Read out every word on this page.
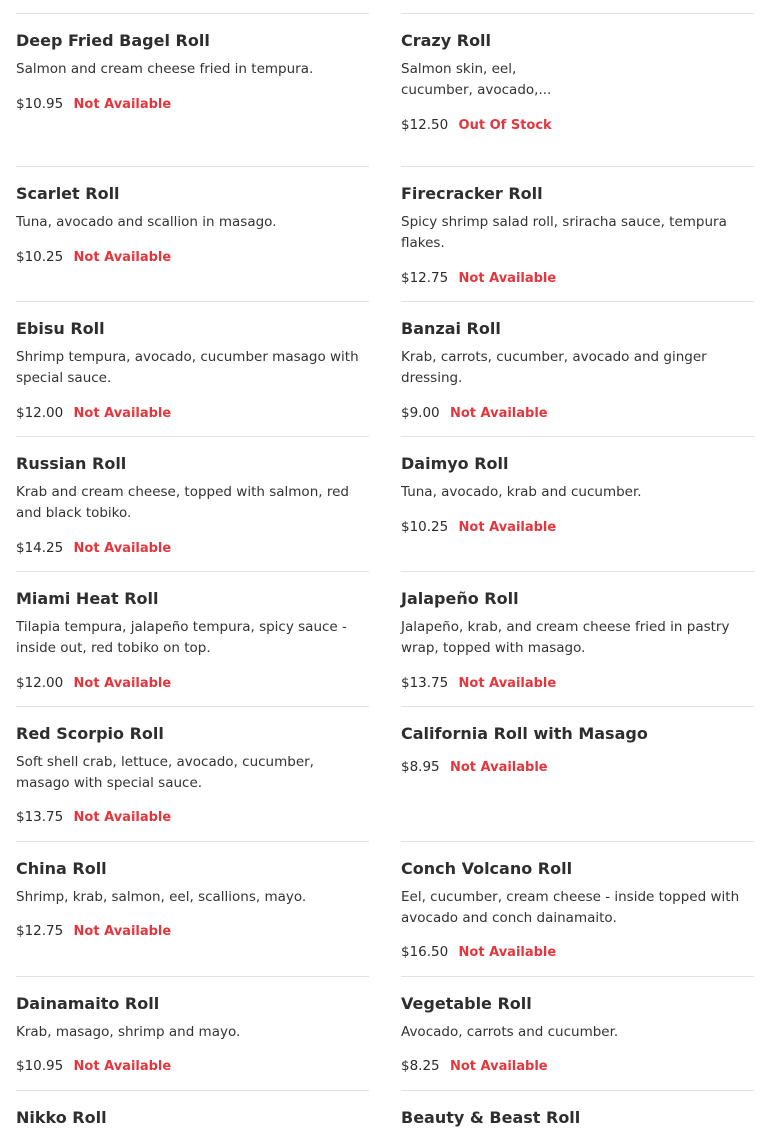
Deep Fried Bagel Roll
Salmon and cream cheese fried in tempura.
$10.95 Not Available
Crazy Roll
Salmon skin, eel, cucumber, avocado,...
$12.50 Out Of Stock
Scarlet Roll
Tuna, avocado and scallion in masago.
$10.25 Not Available
Firecracker Roll
Spicy shrimp salad roll, sriracha sauce, tempura flakes.
$12.75 Not Available
Ebisu Roll
Shrimp tempura, avocado, cucumber masago with special sauce.
$12.00 Not Available
Banzai Roll
Krab, carrots, cucumber, avocado and ginger dressing.
$9.00 Not Available
Russian Roll
Krab and cream cheese, topped with salmon, red and black tobiko.
$14.25 Not Available
Daimyo Roll
Tuna, avocado, krab and cucumber.
$10.25 Not Available
Miami Heat Roll
Tilapia tempura, jalapeño tempura, spicy sauce - inside out, red tobiko on top.
$12.00 Not Available
Jalapeño Roll
Jalapeño, krab, and cream cheese fried in pastry wrap, topped with masago.
$13.75 Not Available
Red Scorpio Roll
Soft shell crab, lettuce, avocado, cucumber, masago with special sauce.
$13.75 Not Available
California Roll with Masago
$8.95 Not Available
China Roll
Shrimp, krab, salmon, eel, scallions, mayo.
$12.75 Not Available
Conch Volcano Roll
Eel, cucumber, cream cheese - inside topped with avocado and conch dainamaito.
$16.50 Not Available
Dainamaito Roll
Krab, masago, shrimp and mayo.
$10.95 Not Available
Vegetable Roll
Avocado, carrots and cucumber.
$8.25 Not Available
Nikko Roll	Beauty & Beast Roll
